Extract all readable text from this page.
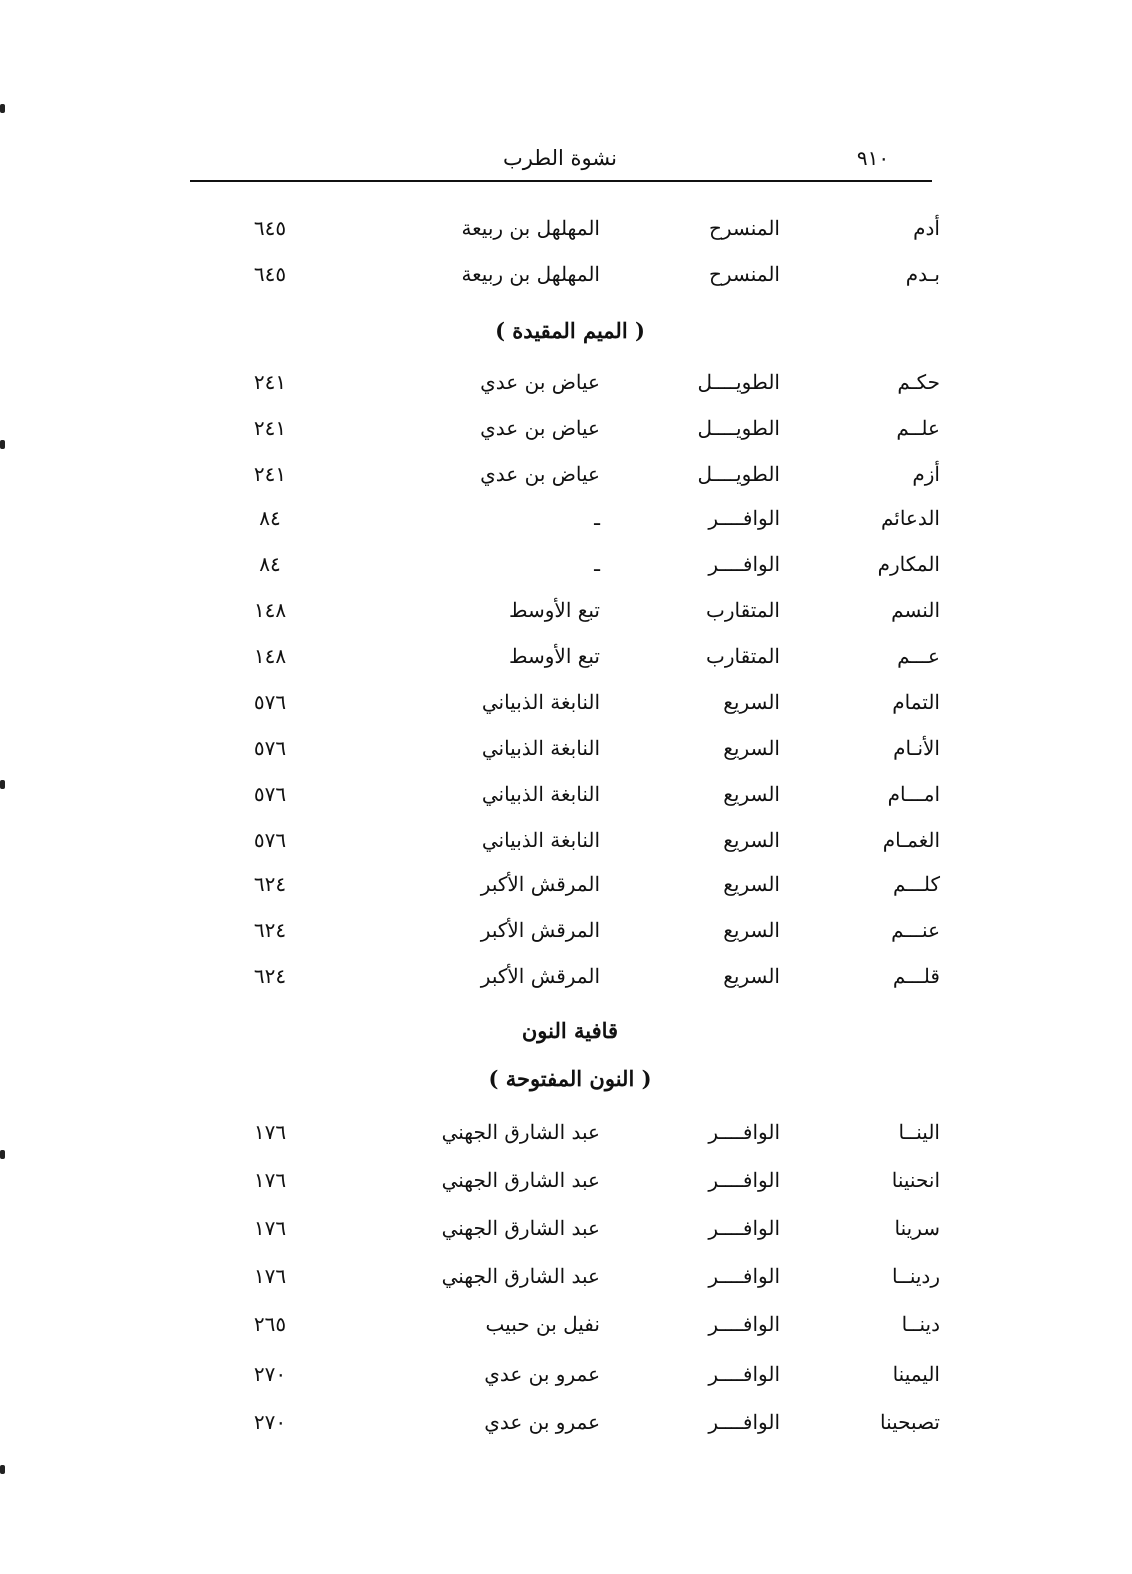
٩١٠
نشوة الطرب
أدم
المنسرح
المهلهل بن ربيعة
٦٤٥
بـدم
المنسرح
المهلهل بن ربيعة
٦٤٥
( الميم المقيدة )
حكـم
الطويــــل
عياض بن عدي
٢٤١
علــم
الطويــــل
عياض بن عدي
٢٤١
أزم
الطويــــل
عياض بن عدي
٢٤١
الدعائم
الوافــــر
ـ
٨٤
المكارم
الوافــــر
ـ
٨٤
النسم
المتقارب
تبع الأوسط
١٤٨
عـــم
المتقارب
تبع الأوسط
١٤٨
التمام
السريع
النابغة الذبياني
٥٧٦
الأنـام
السريع
النابغة الذبياني
٥٧٦
امـــام
السريع
النابغة الذبياني
٥٧٦
الغمـام
السريع
النابغة الذبياني
٥٧٦
كلـــم
السريع
المرقش الأكبر
٦٢٤
عنـــم
السريع
المرقش الأكبر
٦٢٤
قلـــم
السريع
المرقش الأكبر
٦٢٤
قافية النون
( النون المفتوحة )
الينــا
الوافــــر
عبد الشارق الجهني
١٧٦
انحنينا
الوافــــر
عبد الشارق الجهني
١٧٦
سرينا
الوافــــر
عبد الشارق الجهني
١٧٦
ردينــا
الوافــــر
عبد الشارق الجهني
١٧٦
دينــا
الوافــــر
نفيل بن حبيب
٢٦٥
اليمينا
الوافــــر
عمرو بن عدي
٢٧٠
تصبحينا
الوافــــر
عمرو بن عدي
٢٧٠
